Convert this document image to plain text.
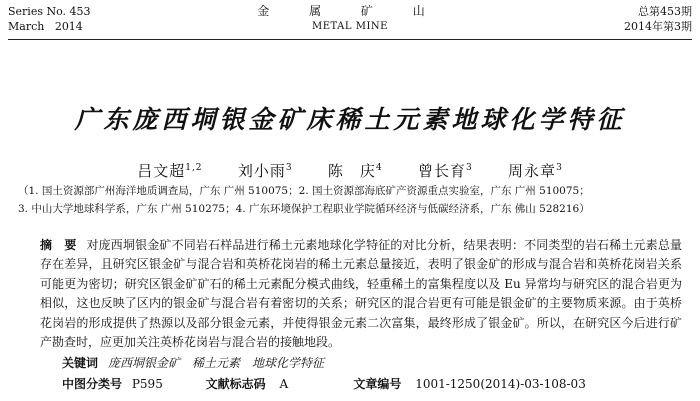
Series No. 453
March   2014
金 属 矿 山
METAL MINE
总第453期
2014年第3期
广东庞西垌银金矿床稀土元素地球化学特征
吕文超$^{1,2}$ 刘小雨$^3$ 陈　庆$^4$ 曾长育$^3$ 周永章$^3$
（1. 国土资源部广州海洋地质调查局，广东 广州 510075；2. 国土资源部海底矿产资源重点实验室，广东 广州 510075；
3. 中山大学地球科学系，广东 广州 510275；4. 广东环境保护工程职业学院循环经济与低碳经济系，广东 佛山 528216）
摘　要 对庞西垌银金矿不同岩石样品进行稀土元素地球化学特征的对比分析，结果表明：不同类型的岩石稀土元素总量存在差异，且研究区银金矿与混合岩和英桥花岗岩的稀土元素总量接近，表明了银金矿的形成与混合岩和英桥花岗岩关系可能更为密切；研究区银金矿矿石的稀土元素配分模式曲线，轻重稀土的富集程度以及 Eu 异常均与研究区的混合岩更为相似，这也反映了区内的银金矿与混合岩有着密切的关系；研究区的混合岩更有可能是银金矿的主要物质来源。由于英桥花岗岩的形成提供了热源以及部分银金元素，并使得银金元素二次富集，最终形成了银金矿。所以，在研究区今后进行矿产勘查时，应更加关注英桥花岗岩与混合岩的接触地段。
关键词 庞西垌银金矿　稀土元素　地球化学特征
中图分类号 P595	文献标志码 A	文章编号 1001-1250(2014)-03-108-03
